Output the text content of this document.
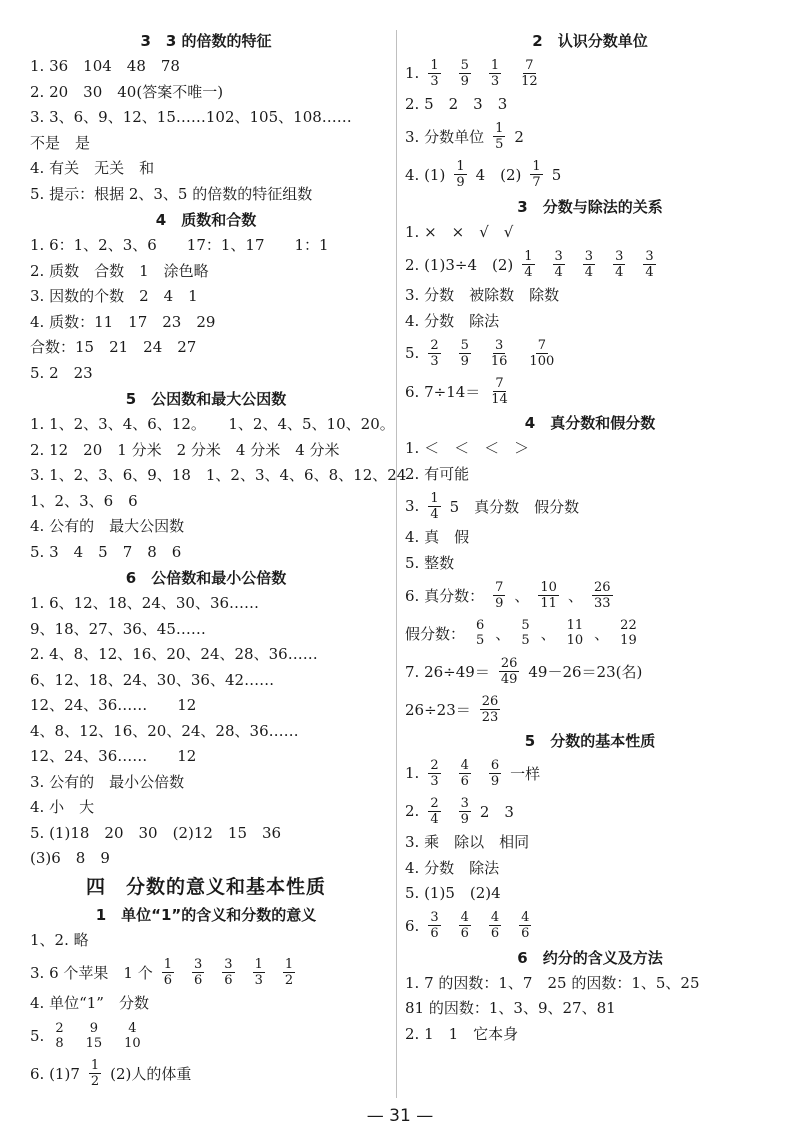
3　3 的倍数的特征
1. 36　104　48　78
2. 20　30　40(答案不唯一)
3. 3、6、9、12、15……102、105、108……
不是　是
4. 有关　无关　和
5. 提示：根据 2、3、5 的倍数的特征组数
4　质数和合数
1. 6：1、2、3、6　　17：1、17　　1：1
2. 质数　合数　1　涂色略
3. 因数的个数　2　4　1
4. 质数：11　17　23　29
合数：15　21　24　27
5. 2　23
5　公因数和最大公因数
1. 1、2、3、4、6、12。　　1、2、4、5、10、20。
2. 12　20　1 分米　2 分米　4 分米　4 分米
3. 1、2、3、6、9、18　1、2、3、4、6、8、12、24
1、2、3、6　6
4. 公有的　最大公因数
5. 3　4　5　7　8　6
6　公倍数和最小公倍数
1. 6、12、18、24、30、36……
9、18、27、36、45……
2. 4、8、12、16、20、24、28、36……
6、12、18、24、30、36、42……
12、24、36……　　12
4、8、12、16、20、24、28、36……
12、24、36……　　12
3. 公有的　最小公倍数
4. 小　大
5. (1)18　20　30　(2)12　15　36
(3)6　8　9
四　分数的意义和基本性质
1　单位“1”的含义和分数的意义
1、2. 略
3. 6 个苹果　1 个 $\frac{1}{6} \frac{3}{6} \frac{3}{6} \frac{1}{3} \frac{1}{2}$
4. 单位“1”　分数
5. 2
8
9
15
4
10
6. $(1)7 \frac{1}{2} (2)$人的体重
2　认识分数单位
1. $\frac{1}{3} \frac{5}{9} \frac{1}{3} \frac{7}{12}$
2. 5　2　3　3
3. 分数单位 $\frac{1}{5} 2$
4. $(1) \frac{1}{9} 4$　$(2) \frac{1}{7} 5$
3　分数与除法的关系
1. ×　×　√　√
2. (1)3÷4　$(2) \frac{1}{4} \frac{3}{4} \frac{3}{4} \frac{3}{4} \frac{3}{4}$
3. 分数　被除数　除数
4. 分数　除法
5. $\frac{2}{3} \frac{5}{9} \frac{3}{16} \frac{7}{100}$
6. $7\div 14= \frac{7}{14}$
4　真分数和假分数
1. ＜　＜　＜　＞
2. 有可能
3. $\frac{1}{4} 5$　真分数　假分数
4. 真　假
5. 整数
6. 真分数： $\frac{7}{9}$ 、 $\frac{10}{11}$ 、 $\frac{26}{33}$
假分数： 6
5 、 5
5 、 11
10 、 22
19
7. $26\div 49= \frac{26}{49} 49-26=23$(名)
$26\div 23= \frac{26}{23}$
5　分数的基本性质
1. $\frac{2}{3} \frac{4}{6} \frac{6}{9}$ 一样
2. $\frac{2}{4} \frac{3}{9} 2$　3
3. 乘　除以　相同
4. 分数　除法
5. (1)5　(2)4
6. $\frac{3}{6} \frac{4}{6} \frac{4}{6} \frac{4}{6}$
6　约分的含义及方法
1. 7 的因数：1、7　25 的因数：1、5、25
81 的因数：1、3、9、27、81
2. 1　1　它本身
— 31 —
